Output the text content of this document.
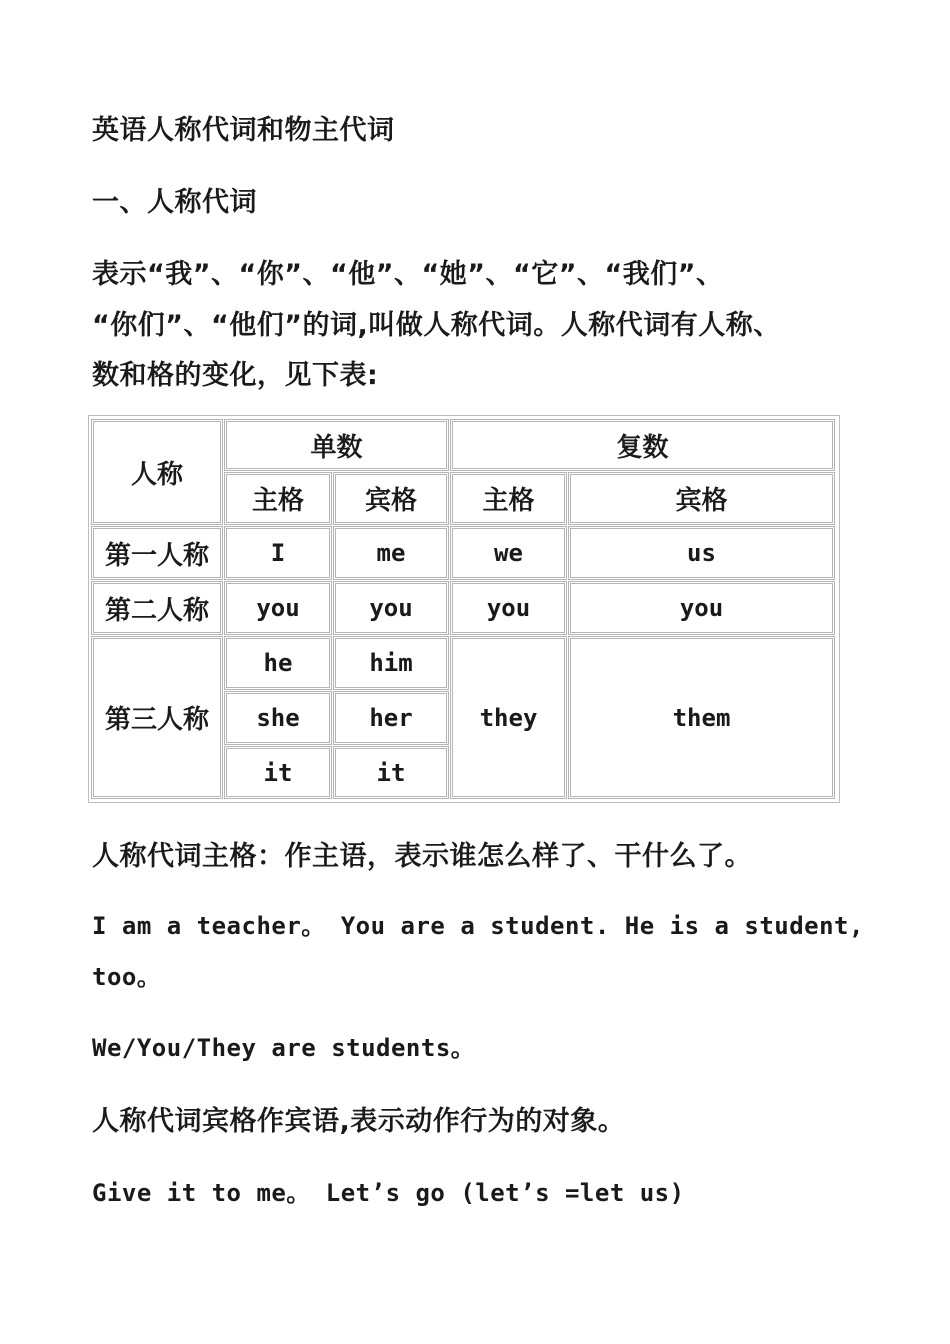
英语人称代词和物主代词
一、人称代词
表示“我”、“你”、“他”、“她”、“它”、“我们”、
“你们”、“他们”的词,叫做人称代词。人称代词有人称、
数和格的变化，见下表:
人称
单数	复数
主格	宾格	主格	宾格
第一人称	I	me	we	us
第二人称	you	you	you	you
第三人称
he	him
she	her
it	it
they	them
人称代词主格：作主语，表示谁怎么样了、干什么了。
I am a teacher。 You are a student. He is a student,
too。
We/You/They are students。
人称代词宾格作宾语,表示动作行为的对象。
Give it to me。 Let’s go (let’s =let us)
